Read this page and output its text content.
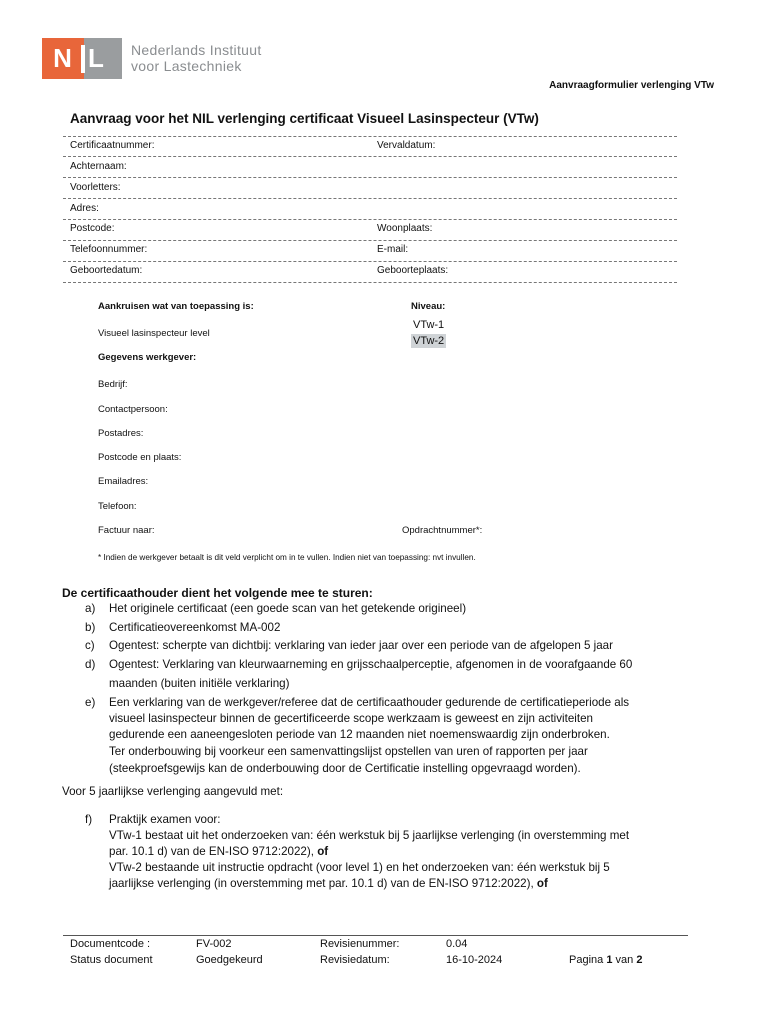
N L Nederlands Instituut
voor Lastechniek
Aanvraagformulier verlenging VTw
Aanvraag voor het NIL verlenging certificaat Visueel Lasinspecteur (VTw)
Certificaatnummer:	Vervaldatum:
Achternaam:
Voorletters:
Adres:
Postcode:	Woonplaats:
Telefoonnummer:	E-mail:
Geboortedatum:	Geboorteplaats:
Aankruisen wat van toepassing is:	Niveau:
Visueel lasinspecteur level
VTw-1
VTw-2
Gegevens werkgever:
Bedrijf:
Contactpersoon:
Postadres:
Postcode en plaats:
Emailadres:
Telefoon:
Factuur naar:	Opdrachtnummer*:
* Indien de werkgever betaalt is dit veld verplicht om in te vullen. Indien niet van toepassing: nvt invullen.
De certificaathouder dient het volgende mee te sturen:
a)	Het originele certificaat (een goede scan van het getekende origineel)
b)	Certificatieovereenkomst MA-002
c)	Ogentest: scherpte van dichtbij: verklaring van ieder jaar over een periode van de afgelopen 5 jaar
d)	Ogentest: Verklaring van kleurwaarneming en grijsschaalperceptie, afgenomen in de voorafgaande 60
maanden (buiten initiële verklaring)
e)	Een verklaring van de werkgever/referee dat de certificaathouder gedurende de certificatieperiode als
visueel lasinspecteur binnen de gecertificeerde scope werkzaam is geweest en zijn activiteiten
gedurende een aaneengesloten periode van 12 maanden niet noemenswaardig zijn onderbroken.
Ter onderbouwing bij voorkeur een samenvattingslijst opstellen van uren of rapporten per jaar
(steekproefsgewijs kan de onderbouwing door de Certificatie instelling opgevraagd worden).
Voor 5 jaarlijkse verlenging aangevuld met:
f)	Praktijk examen voor:
VTw-1 bestaat uit het onderzoeken van: één werkstuk bij 5 jaarlijkse verlenging (in overstemming met
par. 10.1 d) van de EN-ISO 9712:2022), of
VTw-2 bestaande uit instructie opdracht (voor level 1) en het onderzoeken van: één werkstuk bij 5
jaarlijkse verlenging (in overstemming met par. 10.1 d) van de EN-ISO 9712:2022), of
Documentcode :	FV-002	Revisienummer:	0.04
Status document	Goedgekeurd	Revisiedatum:	16-10-2024	Pagina 1 van 2
